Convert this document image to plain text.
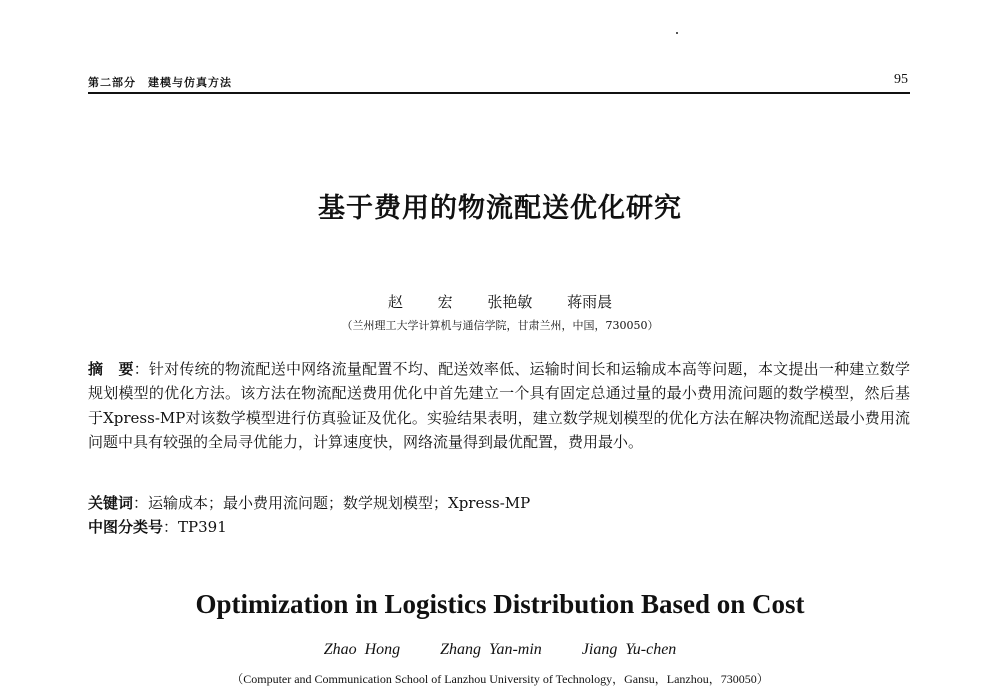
第二部分　建模与仿真方法	95
基于费用的物流配送优化研究
赵 宏 张艳敏 蒋雨晨
（兰州理工大学计算机与通信学院，甘肃兰州，中国，730050）
摘　要：针对传统的物流配送中网络流量配置不均、配送效率低、运输时间长和运输成本高等问题，本文提出一种建立数学规划模型的优化方法。该方法在物流配送费用优化中首先建立一个具有固定总通过量的最小费用流问题的数学模型，然后基于Xpress-MP对该数学模型进行仿真验证及优化。实验结果表明，建立数学规划模型的优化方法在解决物流配送最小费用流问题中具有较强的全局寻优能力，计算速度快，网络流量得到最优配置，费用最小。
关键词：运输成本；最小费用流问题；数学规划模型；Xpress-MP
中图分类号：TP391
Optimization in Logistics Distribution Based on Cost
Zhao Hong	Zhang Yan-min	Jiang Yu-chen
（Computer and Communication School of Lanzhou University of Technology，Gansu，Lanzhou，730050）
